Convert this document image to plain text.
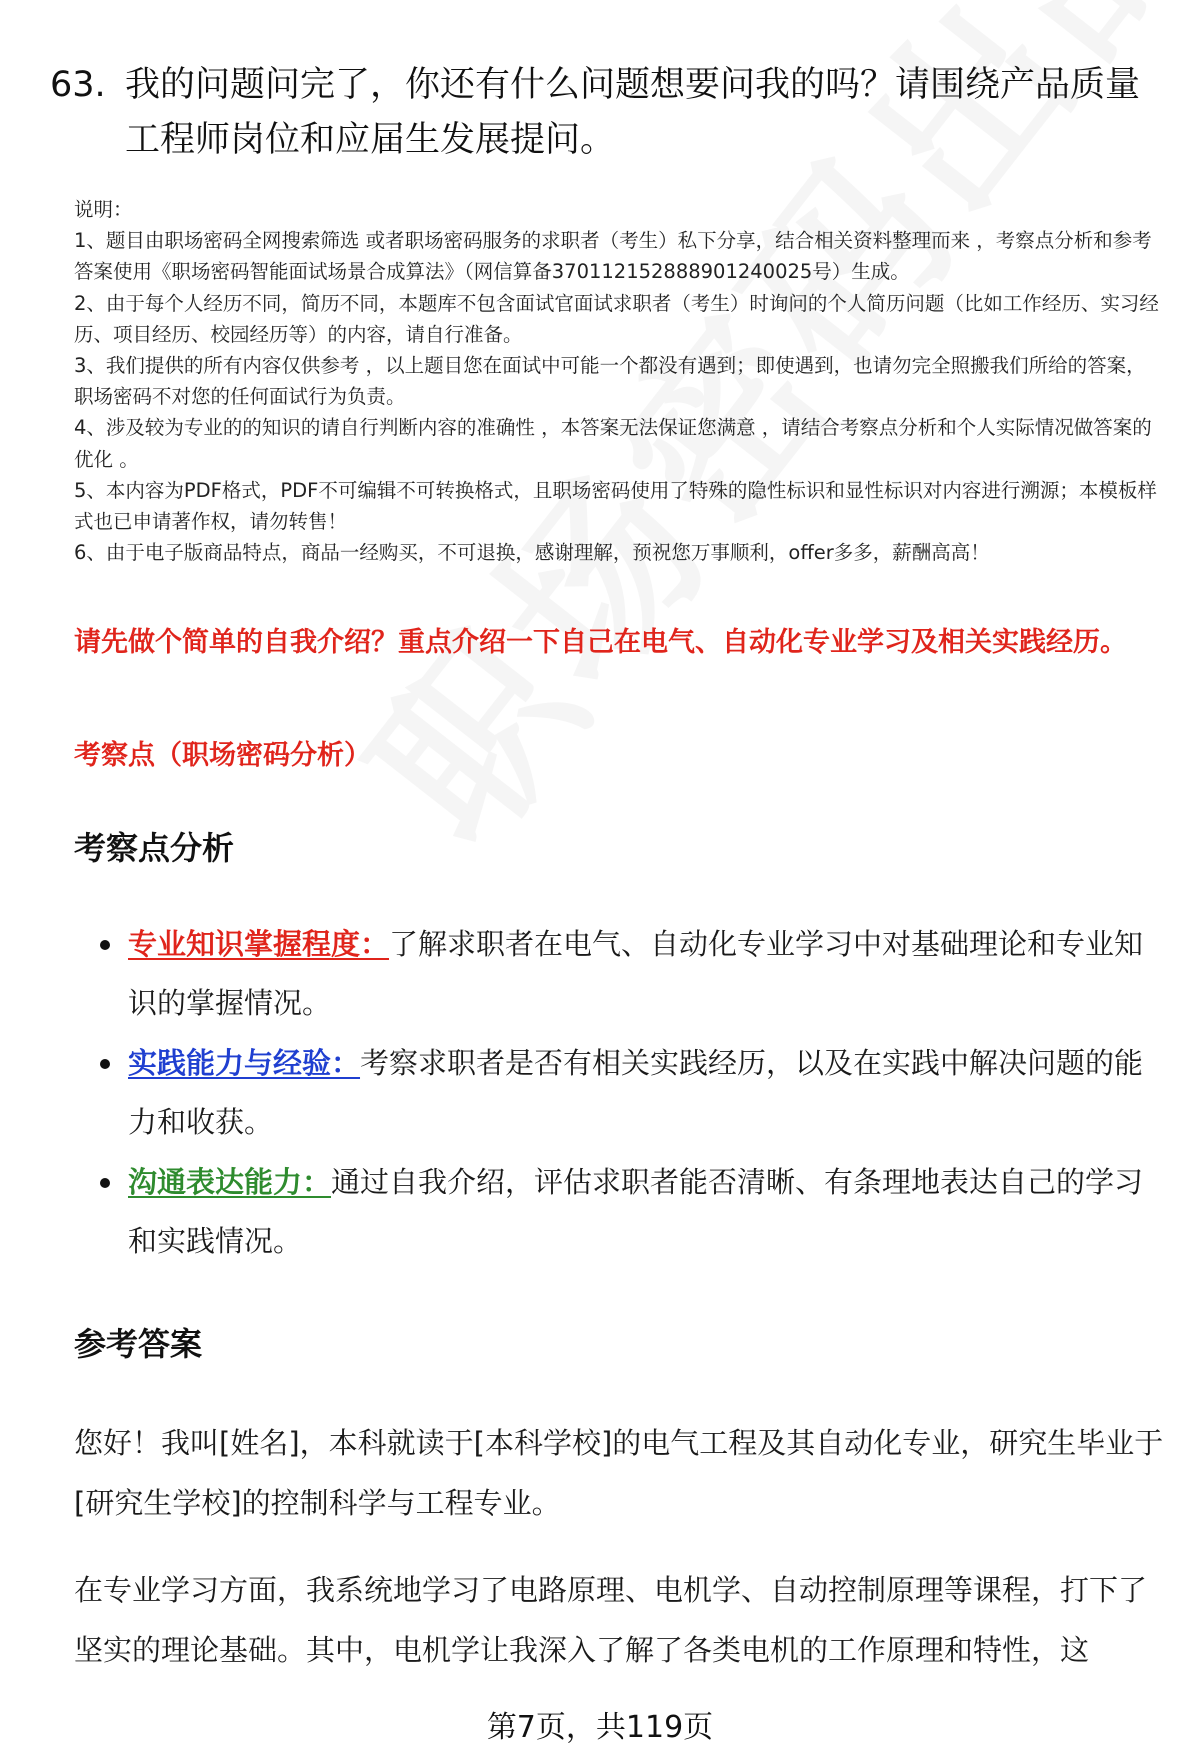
63. 我的问题问完了，你还有什么问题想要问我的吗？请围绕产品质量工程师岗位和应届生发展提问。

说明：

1、题目由职场密码全网搜索筛选 或者职场密码服务的求职者（考生）私下分享，结合相关资料整理而来 ，考察点分析和参考答案使用《职场密码智能面试场景合成算法》（网信算备370112152888901240025号）生成。

2、由于每个人经历不同，简历不同，本题库不包含面试官面试求职者（考生）时询问的个人简历问题（比如工作经历、实习经历、项目经历、校园经历等）的内容，请自行准备。

3、我们提供的所有内容仅供参考 ，以上题目您在面试中可能一个都没有遇到；即使遇到，也请勿完全照搬我们所给的答案，职场密码不对您的任何面试行为负责。

4、涉及较为专业的的知识的请自行判断内容的准确性 ，本答案无法保证您满意 ，请结合考察点分析和个人实际情况做答案的优化 。

5、本内容为PDF格式，PDF不可编辑不可转换格式，且职场密码使用了特殊的隐性标识和显性标识对内容进行溯源；本模板样式也已申请著作权，请勿转售！

6、由于电子版商品特点，商品一经购买，不可退换，感谢理解，预祝您万事顺利，offer多多，薪酬高高！

请先做个简单的自我介绍？重点介绍一下自己在电气、自动化专业学习及相关实践经历。

考察点（职场密码分析）

考察点分析
专业知识掌握程度：了解求职者在电气、自动化专业学习中对基础理论和专业知识的掌握情况。
实践能力与经验：考察求职者是否有相关实践经历，以及在实践中解决问题的能力和收获。
沟通表达能力：通过自我介绍，评估求职者能否清晰、有条理地表达自己的学习和实践情况。
参考答案

您好！我叫[姓名]，本科就读于[本科学校]的电气工程及其自动化专业，研究生毕业于[研究生学校]的控制科学与工程专业。

在专业学习方面，我系统地学习了电路原理、电机学、自动控制原理等课程，打下了坚实的理论基础。其中，电机学让我深入了解了各类电机的工作原理和特性，这

第7页，共119页
